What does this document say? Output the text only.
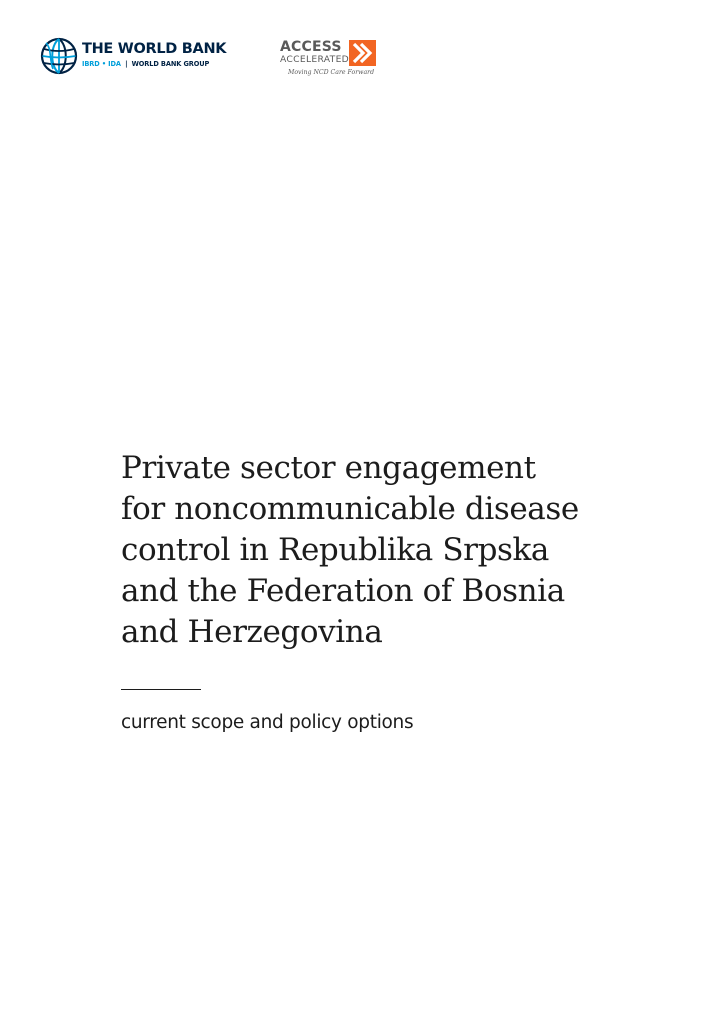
THE WORLD BANK
IBRD • IDA | WORLD BANK GROUP
ACCESS
ACCELERATED
Moving NCD Care Forward
Private sector engagement
for noncommunicable disease
control in Republika Srpska
and the Federation of Bosnia
and Herzegovina

current scope and policy options
